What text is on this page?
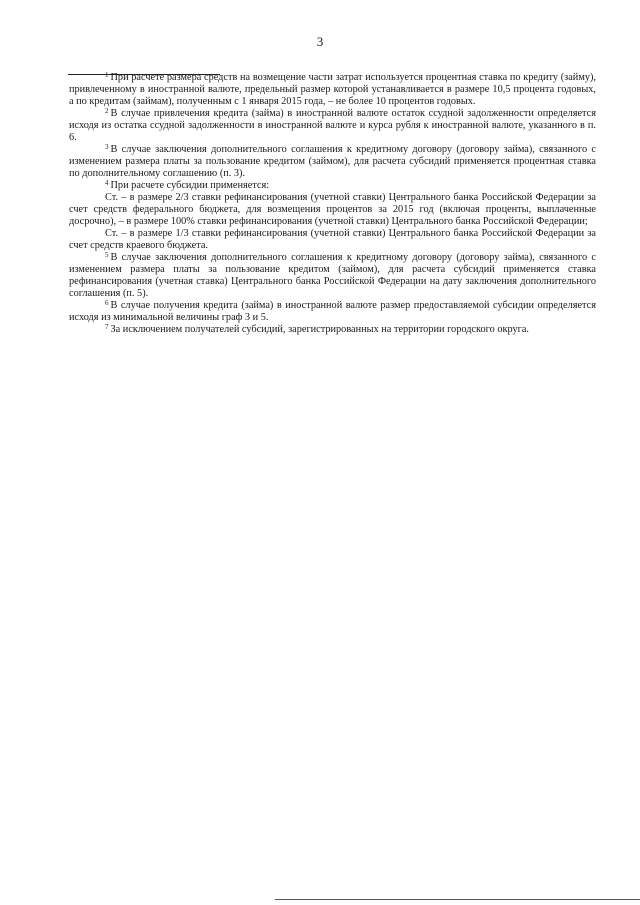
3

$^1$ При расчете размера средств на возмещение части затрат используется процентная ставка по кредиту (займу), привлеченному в иностранной валюте, предельный размер которой устанавливается в размере 10,5 процента годовых, а по кредитам (займам), полученным с 1 января 2015 года, – не более 10 процентов годовых.

$^2$ В случае привлечения кредита (займа) в иностранной валюте остаток ссудной задолженности определяется исходя из остатка ссудной задолженности в иностранной валюте и курса рубля к иностранной валюте, указанного в п. 6.

$^3$ В случае заключения дополнительного соглашения к кредитному договору (договору займа), связанного с изменением размера платы за пользование кредитом (займом), для расчета субсидий применяется процентная ставка по дополнительному соглашению (п. 3).

$^4$ При расчете субсидии применяется:

Ст. – в размере 2/3 ставки рефинансирования (учетной ставки) Центрального банка Российской Федерации за счет средств федерального бюджета, для возмещения процентов за 2015 год (включая проценты, выплаченные досрочно), – в размере 100% ставки рефинансирования (учетной ставки) Центрального банка Российской Федерации;

Ст. – в размере 1/3 ставки рефинансирования (учетной ставки) Центрального банка Российской Федерации за счет средств краевого бюджета.

$^5$ В случае заключения дополнительного соглашения к кредитному договору (договору займа), связанного с изменением размера платы за пользование кредитом (займом), для расчета субсидий применяется ставка рефинансирования (учетная ставка) Центрального банка Российской Федерации на дату заключения дополнительного соглашения (п. 5).

$^6$ В случае получения кредита (займа) в иностранной валюте размер предоставляемой субсидии определяется исходя из минимальной величины граф 3 и 5.

$^7$ За исключением получателей субсидий, зарегистрированных на территории городского округа.
